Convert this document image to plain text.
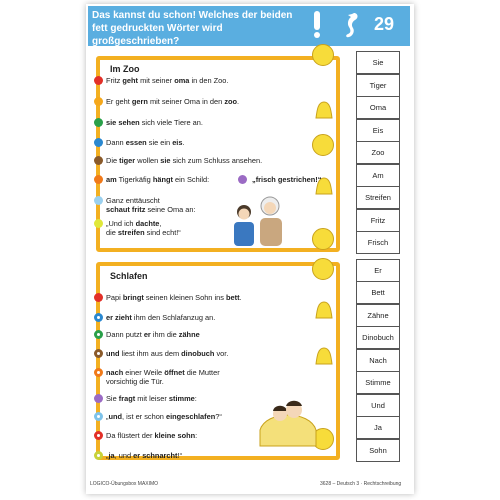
Das kannst du schon! Welches der beiden
fett gedruckten Wörter wird großgeschrieben?
29
Im Zoo
Fritz geht mit seiner oma in den Zoo.
Er geht gern mit seiner Oma in den zoo.
sie sehen sich viele Tiere an.
Dann essen sie ein eis.
Die tiger wollen sie sich zum Schluss ansehen.
am Tigerkäfig hängt ein Schild:
Ganz enttäuscht
„Und ich dachte,
„frisch gestrichen!“
schaut fritz seine Oma an:
die streifen sind echt!“
Schlafen
Papi bringt seinen kleinen Sohn ins bett.
er zieht ihm den Schlafanzug an.
Dann putzt er ihm die zähne
und liest ihm aus dem dinobuch vor.
nach einer Weile öffnet die Mutter
Sie fragt mit leiser stimme:
„und, ist er schon eingeschlafen?“
Da flüstert der kleine sohn:
„ja, und er schnarcht!“
vorsichtig die Tür.
Sie
Tiger
Oma
Eis
Zoo
Am
Streifen
Fritz
Frisch
Er
Bett
Zähne
Dinobuch
Nach
Stimme
Und
Ja
Sohn
LOGICO-Übungsbox MAXIMO	3628 – Deutsch 3 · Rechtschreibung
